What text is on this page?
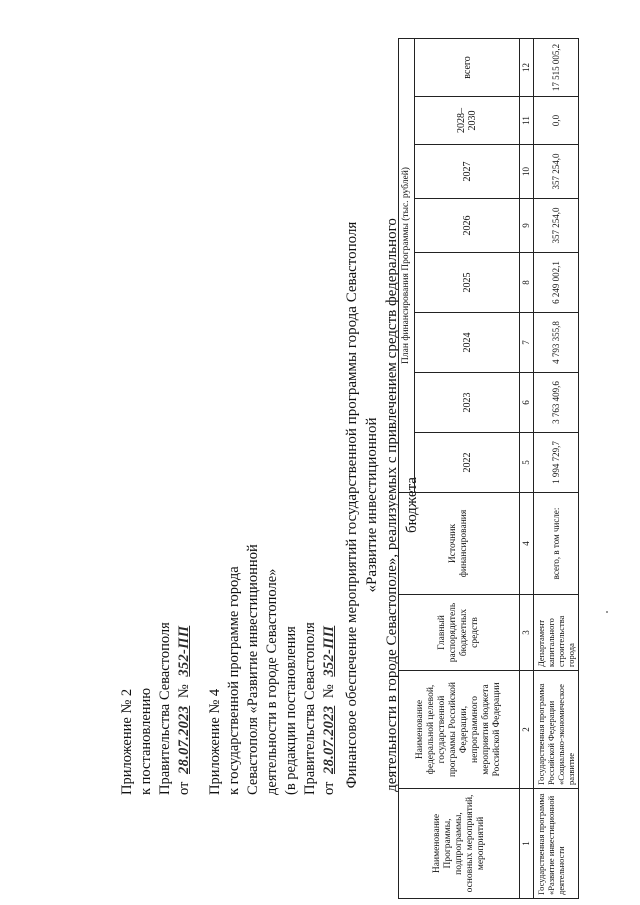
Приложение № 2 к постановлению Правительства Севастополя от 28.07.2023 № 352-ПП
Приложение № 4 к государственной программе города Севастополя «Развитие инвестиционной деятельности в городе Севастополе» (в редакции постановления Правительства Севастополя от 28.07.2023 № 352-ПП Финансовое обеспечение мероприятий государственной программы города Севастополя «Развитие инвестиционной деятельности в городе Севастополе», реализуемых с привлечением средств федерального бюджета
Наименование Программы, подпрограммы, основных мероприятий, мероприятий	Наименование федеральной целевой, государственной программы Российской Федерации, непрограммного мероприятия бюджета Российской Федерации	Главный распорядитель бюджетных средств	Источник финансирования	План финансирования Программы (тыс. рублей)							
				2022	2023	2024	2025	2026	2027	2028–2030	всего
1	2	3	4	5	6	7	8	9	10	11	12
Государственная программа «Развитие инвестиционной деятельности	Государственная программа Российской Федерации «Социально-экономическое развитие	Департамент капитального строительства города	всего, в том числе:	1 994 729,7	3 763 409,6	4 793 355,8	6 249 002,1	357 254,0	357 254,0	0,0	17 515 005,2
